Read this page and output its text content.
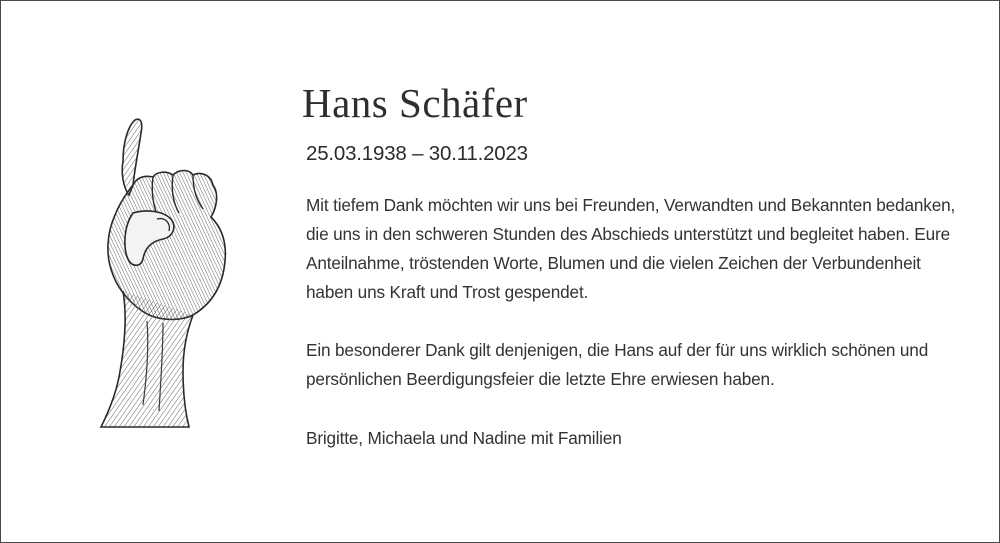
Hans Schäfer
25.03.1938 – 30.11.2023

Mit tiefem Dank möchten wir uns bei Freunden, Verwandten und Bekannten bedanken, die uns in den schweren Stunden des Abschieds unterstützt und begleitet haben. Eure Anteilnahme, tröstenden Worte, Blumen und die vielen Zeichen der Verbundenheit haben uns Kraft und Trost gespendet.

Ein besonderer Dank gilt denjenigen, die Hans auf der für uns wirklich schönen und persönlichen Beerdigungsfeier die letzte Ehre erwiesen haben.

Brigitte, Michaela und Nadine mit Familien
